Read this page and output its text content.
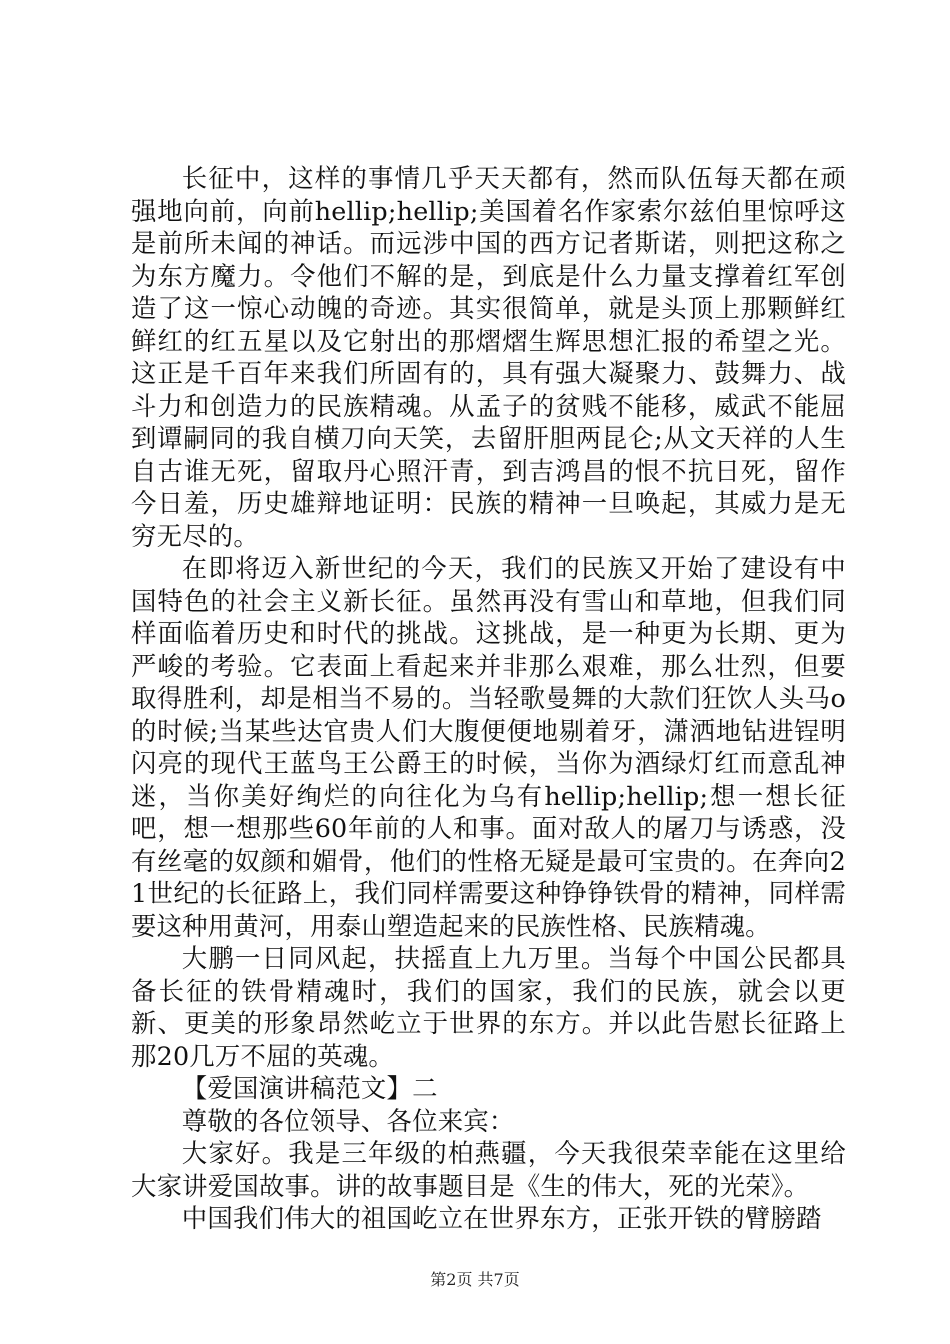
长征中，这样的事情几乎天天都有，然而队伍每天都在顽强地向前，向前hellip;hellip;美国着名作家索尔兹伯里惊呼这是前所未闻的神话。而远涉中国的西方记者斯诺，则把这称之为东方魔力。令他们不解的是，到底是什么力量支撑着红军创造了这一惊心动魄的奇迹。其实很简单，就是头顶上那颗鲜红鲜红的红五星以及它射出的那熠熠生辉思想汇报的希望之光。这正是千百年来我们所固有的，具有强大凝聚力、鼓舞力、战斗力和创造力的民族精魂。从孟子的贫贱不能移，威武不能屈到谭嗣同的我自横刀向天笑，去留肝胆两昆仑;从文天祥的人生自古谁无死，留取丹心照汗青，到吉鸿昌的恨不抗日死，留作今日羞，历史雄辩地证明：民族的精神一旦唤起，其威力是无穷无尽的。

在即将迈入新世纪的今天，我们的民族又开始了建设有中国特色的社会主义新长征。虽然再没有雪山和草地，但我们同样面临着历史和时代的挑战。这挑战，是一种更为长期、更为严峻的考验。它表面上看起来并非那么艰难，那么壮烈，但要取得胜利，却是相当不易的。当轻歌曼舞的大款们狂饮人头马o的时候;当某些达官贵人们大腹便便地剔着牙，潇洒地钻进锃明闪亮的现代王蓝鸟王公爵王的时候，当你为酒绿灯红而意乱神迷，当你美好绚烂的向往化为乌有hellip;hellip;想一想长征吧，想一想那些60年前的人和事。面对敌人的屠刀与诱惑，没有丝毫的奴颜和媚骨，他们的性格无疑是最可宝贵的。在奔向21世纪的长征路上，我们同样需要这种铮铮铁骨的精神，同样需要这种用黄河，用泰山塑造起来的民族性格、民族精魂。

大鹏一日同风起，扶摇直上九万里。当每个中国公民都具备长征的铁骨精魂时，我们的国家，我们的民族，就会以更新、更美的形象昂然屹立于世界的东方。并以此告慰长征路上那20几万不屈的英魂。

【爱国演讲稿范文】二

尊敬的各位领导、各位来宾：

大家好。我是三年级的柏燕疆，今天我很荣幸能在这里给大家讲爱国故事。讲的故事题目是《生的伟大，死的光荣》。

中国我们伟大的祖国屹立在世界东方，正张开铁的臂膀踏

第2页 共7页
